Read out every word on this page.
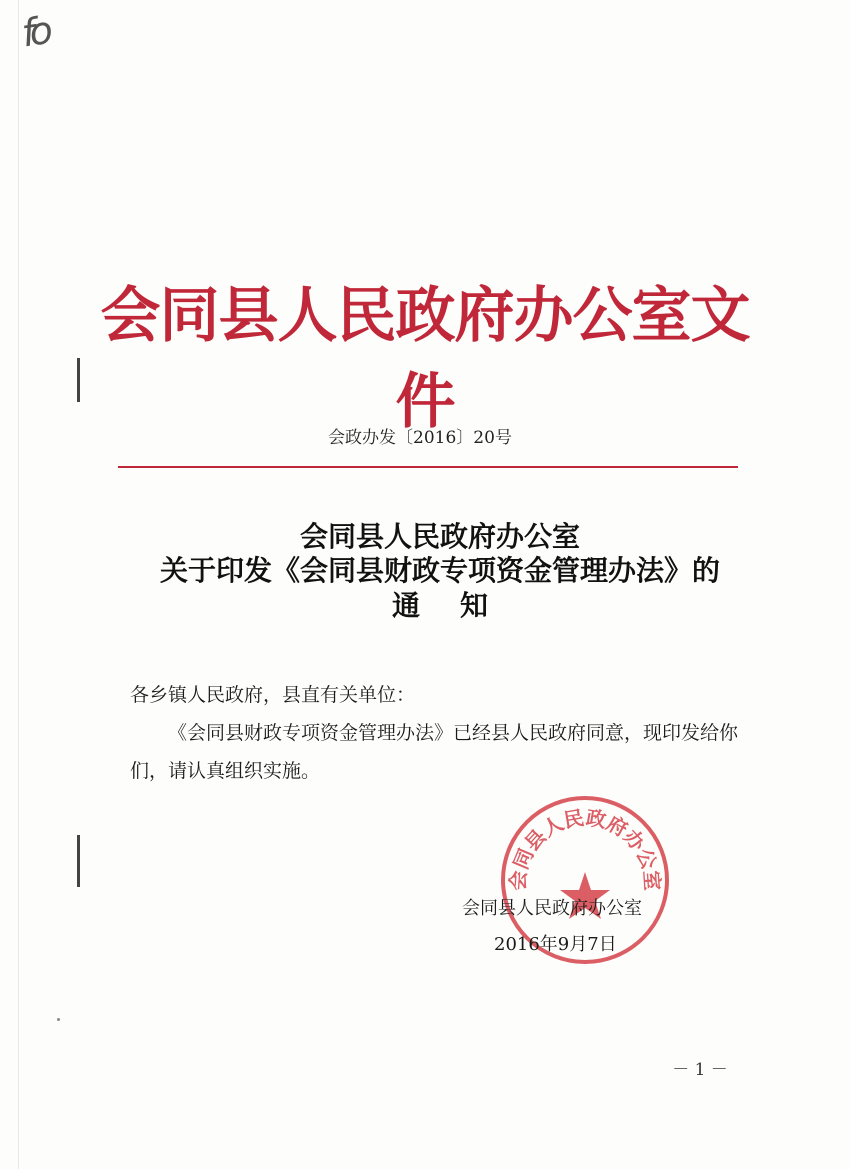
fo
会同县人民政府办公室文件
会政办发〔2016〕20号
会同县人民政府办公室
关于印发《会同县财政专项资金管理办法》的
通知

各乡镇人民政府，县直有关单位：

《会同县财政专项资金管理办法》已经县人民政府同意，现印发给你们，请认真组织实施。

会同县人民政府办公室
会同县人民政府办公室
2016年9月7日
－ 1 －
